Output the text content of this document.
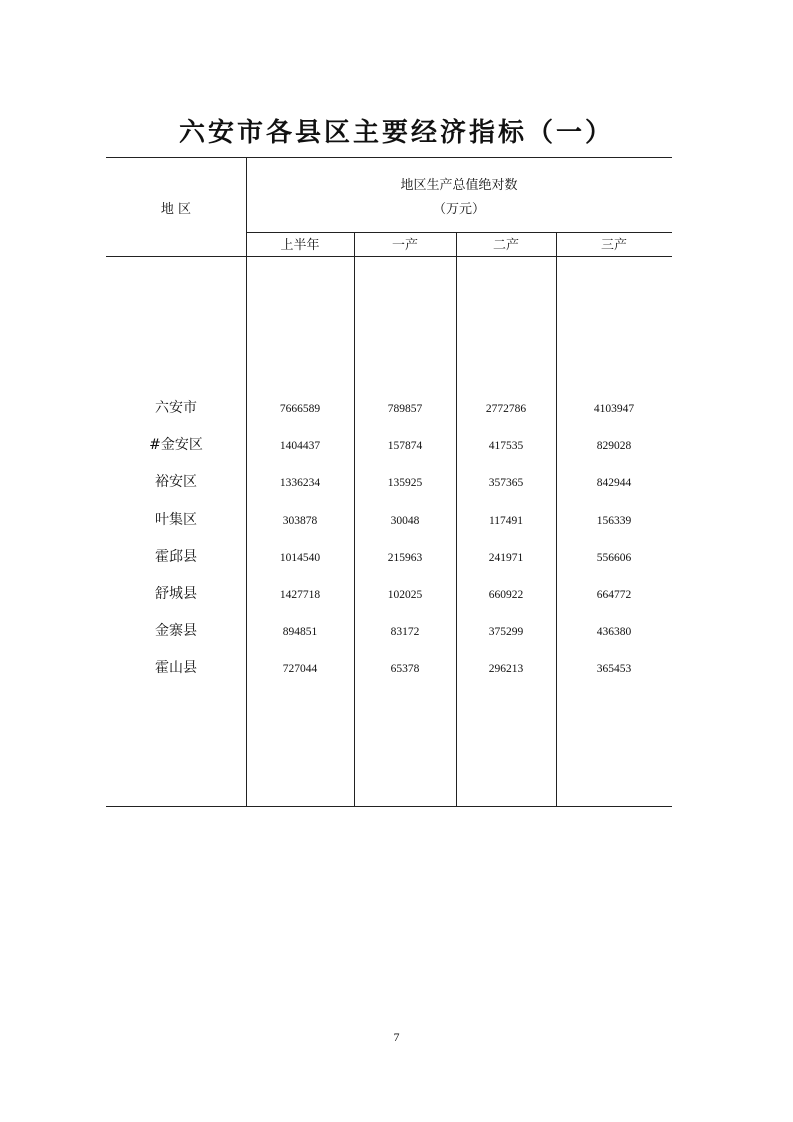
六安市各县区主要经济指标（一）
地 区
地区生产总值绝对数
（万元）
上半年	一产	二产	三产
六安市	7666589	789857	2772786	4103947
#金安区	1404437	157874	417535	829028
裕安区	1336234	135925	357365	842944
叶集区	303878	30048	117491	156339
霍邱县	1014540	215963	241971	556606
舒城县	1427718	102025	660922	664772
金寨县	894851	83172	375299	436380
霍山县	727044	65378	296213	365453
7
